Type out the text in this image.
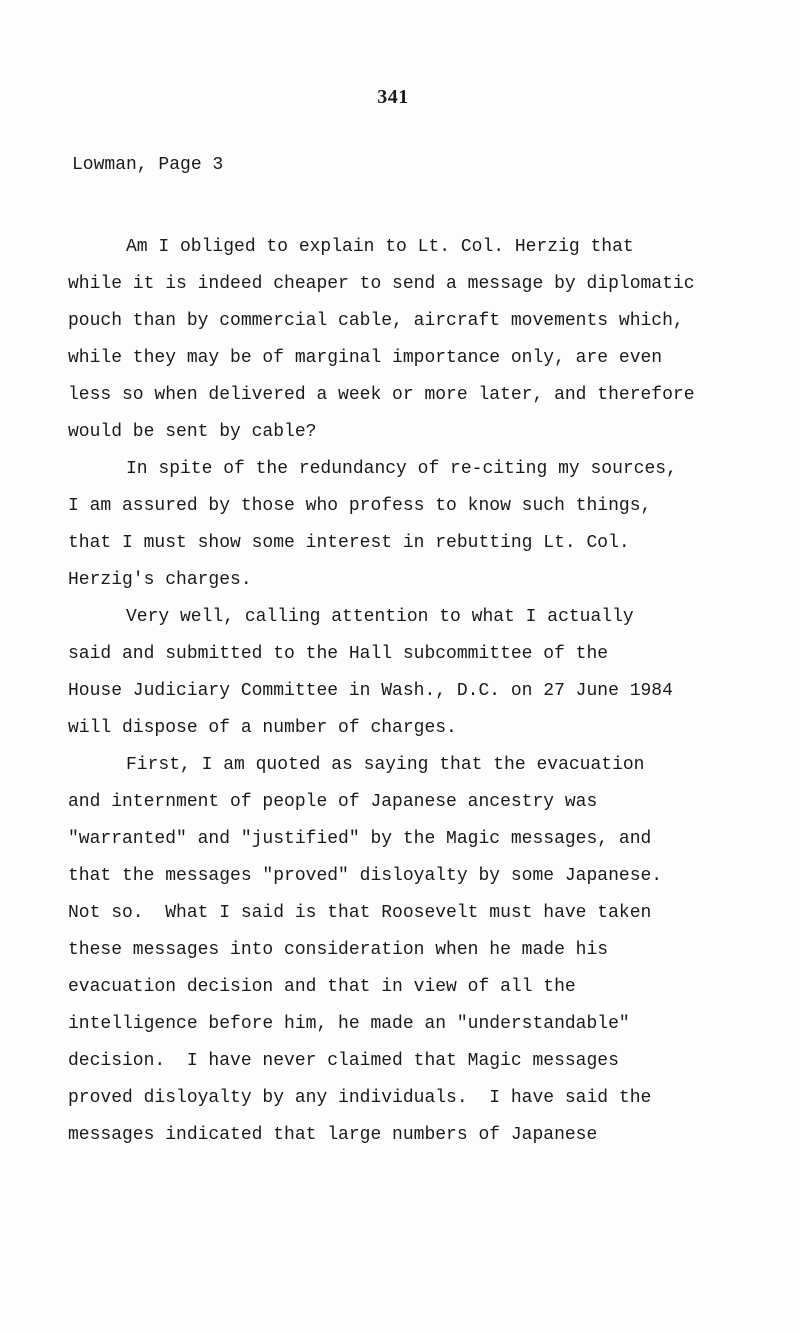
341
Lowman, Page 3

Am I obliged to explain to Lt. Col. Herzig that
while it is indeed cheaper to send a message by diplomatic
pouch than by commercial cable, aircraft movements which,
while they may be of marginal importance only, are even
less so when delivered a week or more later, and therefore
would be sent by cable?

In spite of the redundancy of re-citing my sources,
I am assured by those who profess to know such things,
that I must show some interest in rebutting Lt. Col.
Herzig's charges.

Very well, calling attention to what I actually
said and submitted to the Hall subcommittee of the
House Judiciary Committee in Wash., D.C. on 27 June 1984
will dispose of a number of charges.

First, I am quoted as saying that the evacuation
and internment of people of Japanese ancestry was
"warranted" and "justified" by the Magic messages, and
that the messages "proved" disloyalty by some Japanese.
Not so.  What I said is that Roosevelt must have taken
these messages into consideration when he made his
evacuation decision and that in view of all the
intelligence before him, he made an "understandable"
decision.  I have never claimed that Magic messages
proved disloyalty by any individuals.  I have said the
messages indicated that large numbers of Japanese
